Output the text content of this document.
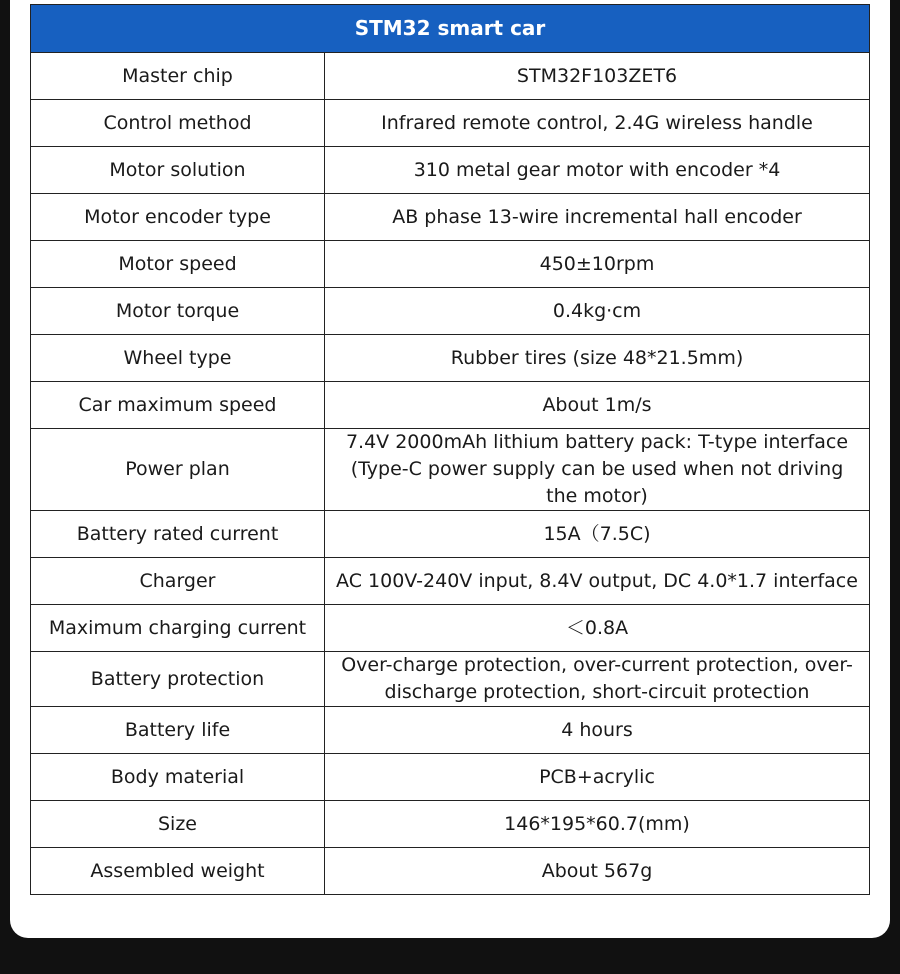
STM32 smart car	
Master chip	STM32F103ZET6
Control method	Infrared remote control, 2.4G wireless handle
Motor solution	310 metal gear motor with encoder *4
Motor encoder type	AB phase 13-wire incremental hall encoder
Motor speed	450±10rpm
Motor torque	0.4kg·cm
Wheel type	Rubber tires (size 48*21.5mm)
Car maximum speed	About 1m/s
Power plan	7.4V 2000mAh lithium battery pack: T-type interface (Type-C power supply can be used when not driving the motor)
Battery rated current	15A（7.5C)
Charger	AC 100V-240V input, 8.4V output, DC 4.0*1.7 interface
Maximum charging current	＜0.8A
Battery protection	Over-charge protection, over-current protection, over-discharge protection, short-circuit protection
Battery life	4 hours
Body material	PCB+acrylic
Size	146*195*60.7(mm)
Assembled weight	About 567g
